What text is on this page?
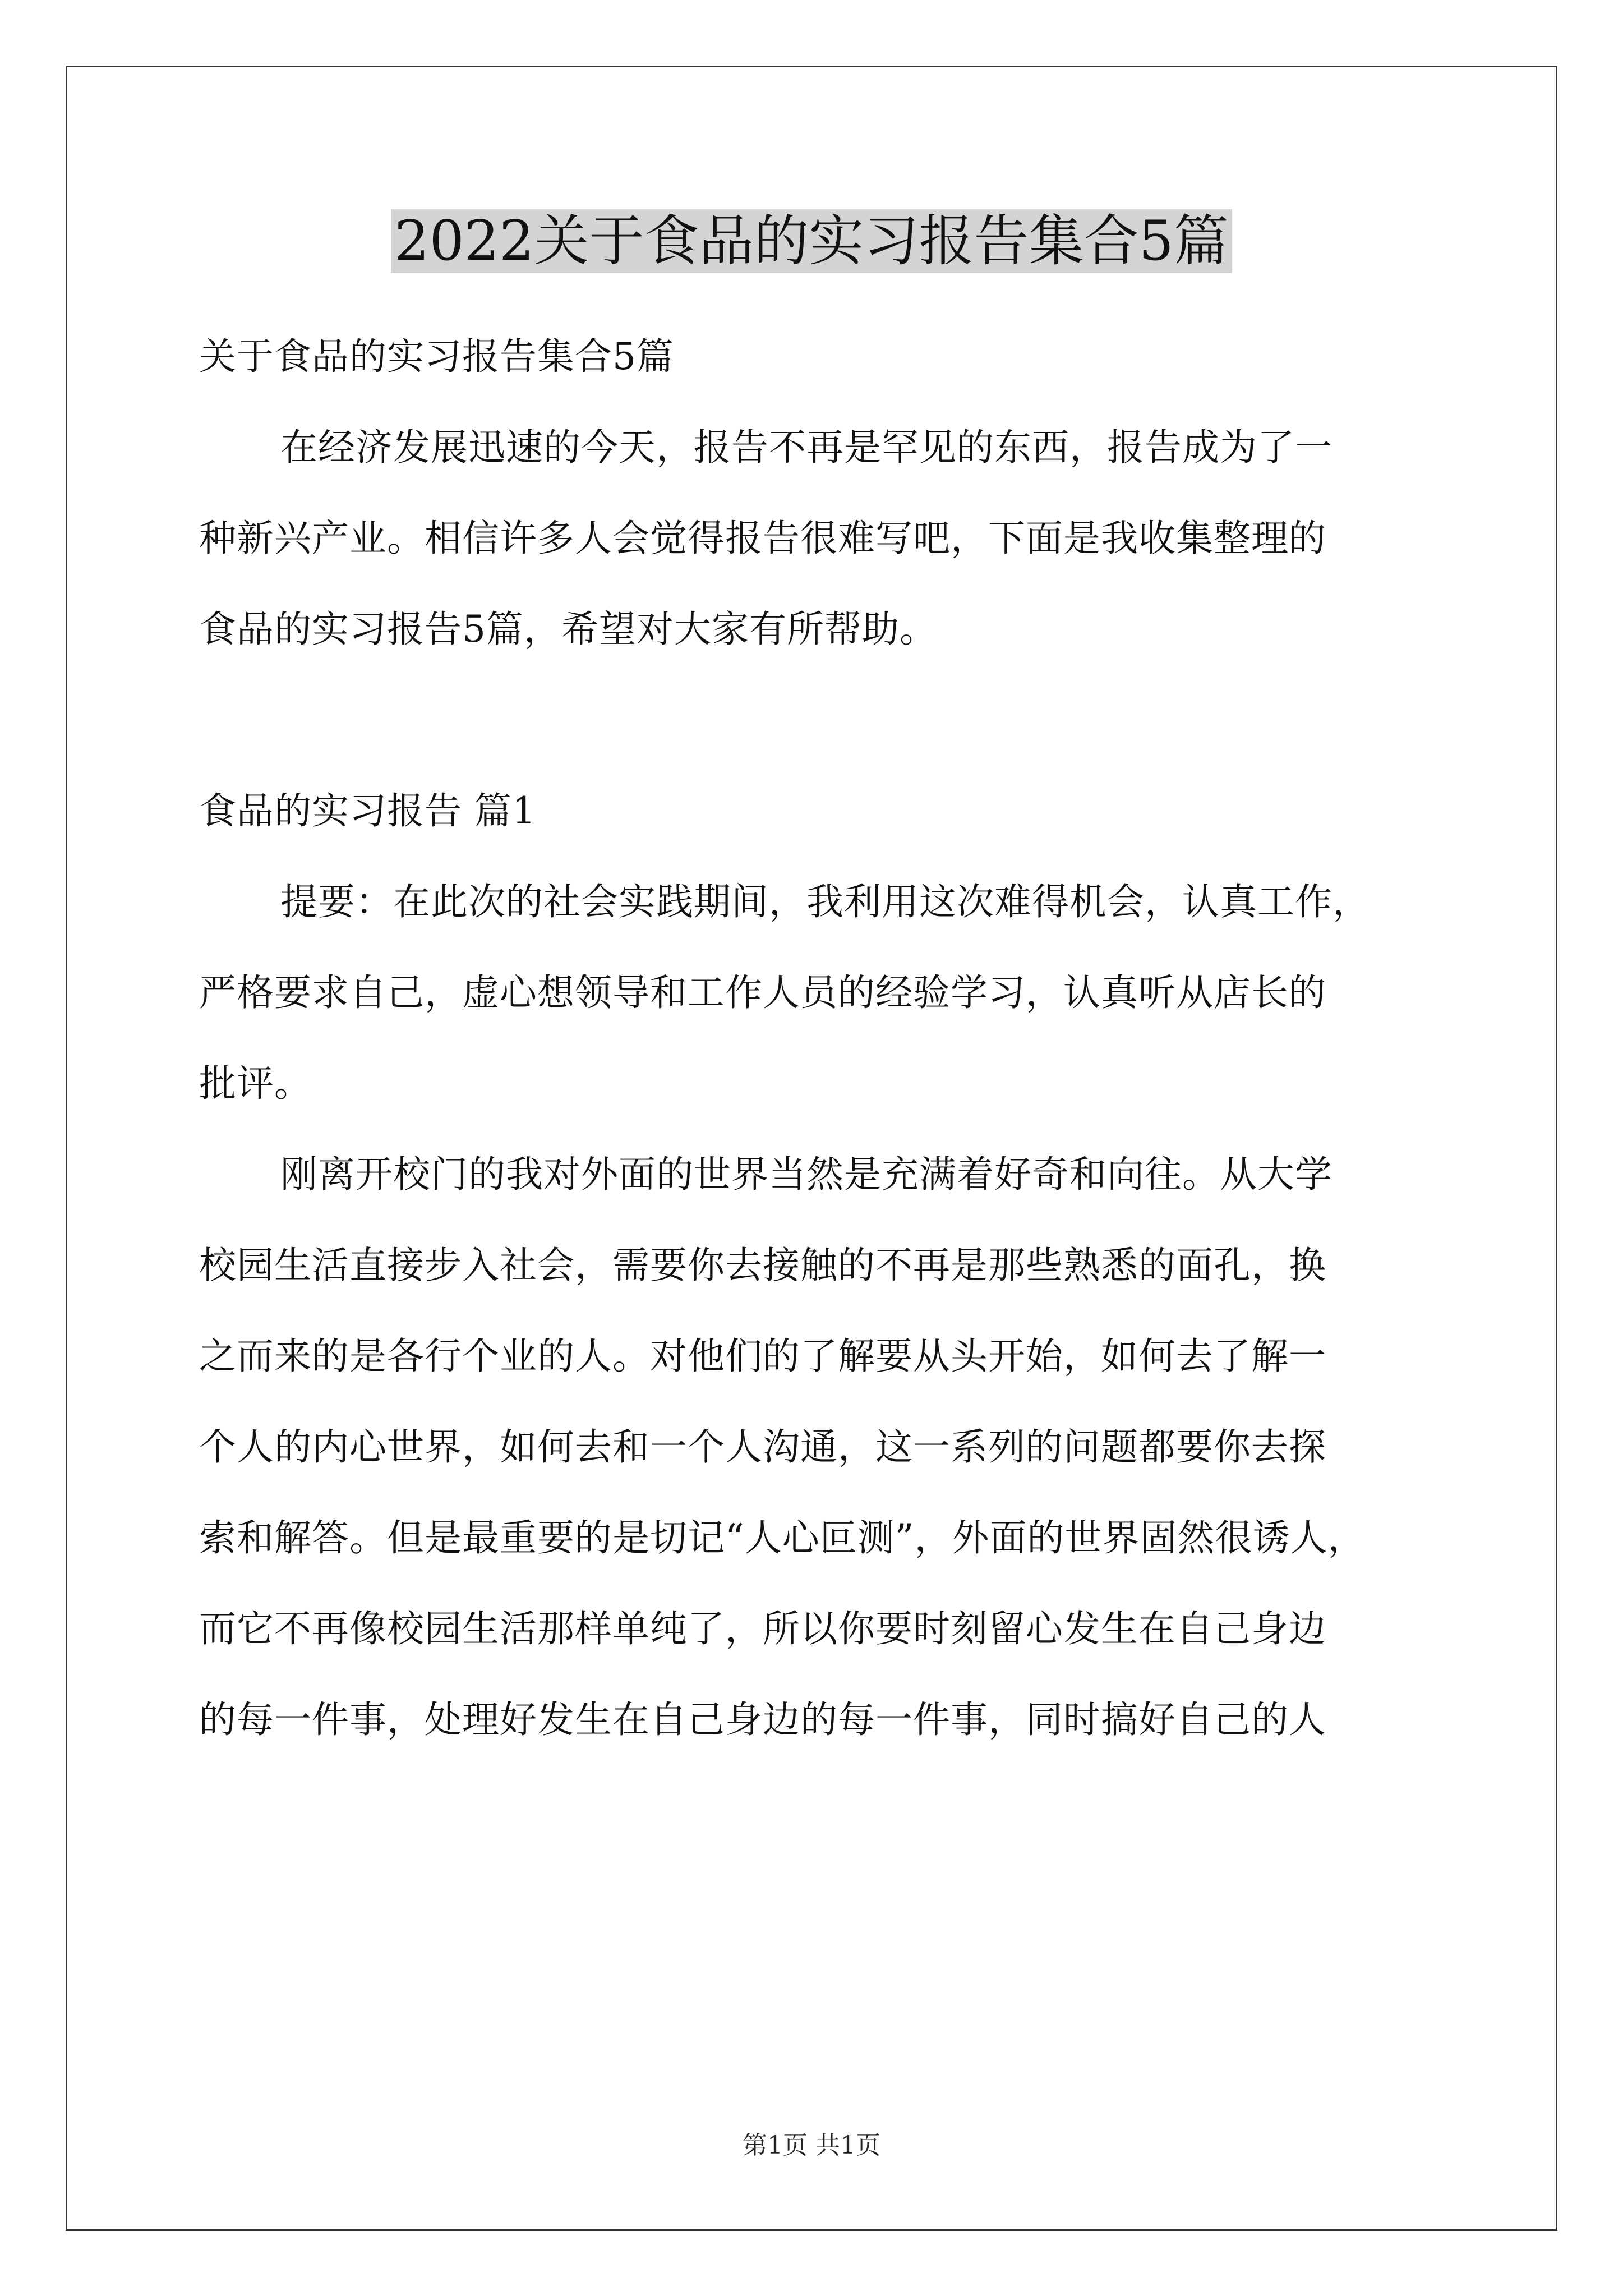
2022关于食品的实习报告集合5篇
关于食品的实习报告集合5篇
在经济发展迅速的今天，报告不再是罕见的东西，报告成为了一
种新兴产业。相信许多人会觉得报告很难写吧，下面是我收集整理的
食品的实习报告5篇，希望对大家有所帮助。
食品的实习报告 篇1
提要：在此次的社会实践期间，我利用这次难得机会，认真工作，
严格要求自己，虚心想领导和工作人员的经验学习，认真听从店长的
批评。
刚离开校门的我对外面的世界当然是充满着好奇和向往。从大学
校园生活直接步入社会，需要你去接触的不再是那些熟悉的面孔，换
之而来的是各行个业的人。对他们的了解要从头开始，如何去了解一
个人的内心世界，如何去和一个人沟通，这一系列的问题都要你去探
索和解答。但是最重要的是切记“人心叵测”，外面的世界固然很诱人，
而它不再像校园生活那样单纯了，所以你要时刻留心发生在自己身边
的每一件事，处理好发生在自己身边的每一件事，同时搞好自己的人
第1页 共1页
